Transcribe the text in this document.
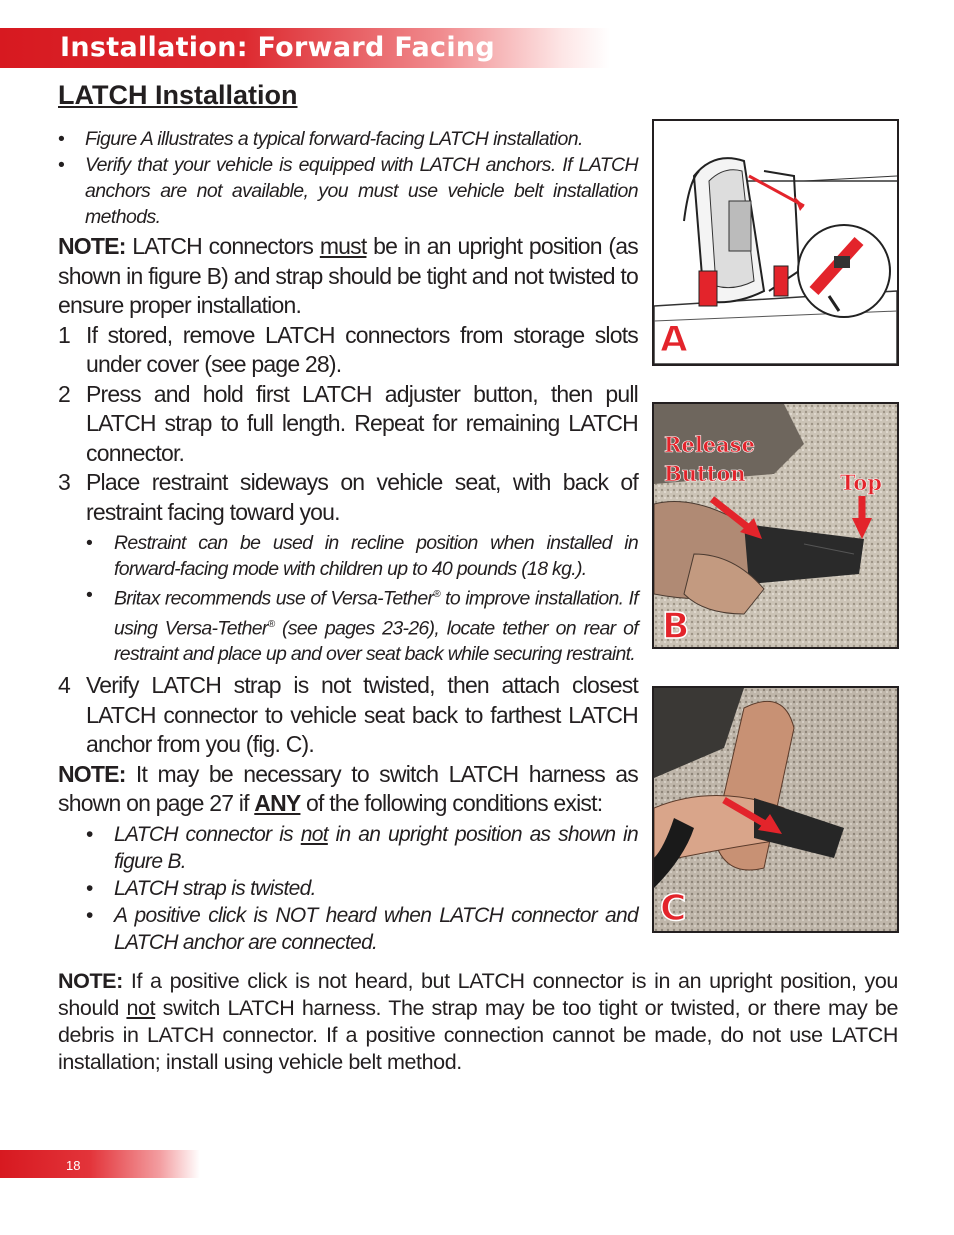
Installation: Forward Facing
LATCH Installation
• Figure A illustrates a typical forward-facing LATCH installation.
• Verify that your vehicle is equipped with LATCH anchors. If LATCH anchors are not available, you must use vehicle belt installation methods.
NOTE: LATCH connectors must be in an upright position (as shown in figure B) and strap should be tight and not twisted to ensure proper installation.
1 If stored, remove LATCH connectors from storage slots under cover (see page 28).
2 Press and hold first LATCH adjuster button, then pull LATCH strap to full length. Repeat for remaining LATCH connector.
3 Place restraint sideways on vehicle seat, with back of restraint facing toward you.
• Restraint can be used in recline position when installed in forward-facing mode with children up to 40 pounds (18 kg.).
• Britax recommends use of Versa-Tether® to improve installation. If using Versa-Tether® (see pages 23-26), locate tether on rear of restraint and place up and over seat back while securing restraint.
4 Verify LATCH strap is not twisted, then attach closest LATCH connector to vehicle seat back to farthest LATCH anchor from you (fig. C).
NOTE: It may be necessary to switch LATCH harness as shown on page 27 if ANY of the following conditions exist:
• LATCH connector is not in an upright position as shown in figure B.
• LATCH strap is twisted.
• A positive click is NOT heard when LATCH connector and LATCH anchor are connected.
NOTE: If a positive click is not heard, but LATCH connector is in an upright position, you should not switch LATCH harness. The strap may be too tight or twisted, or there may be debris in LATCH connector. If a positive connection cannot be made, do not use LATCH installation; install using vehicle belt method.
A
Release
Button	Top
B
C
18
